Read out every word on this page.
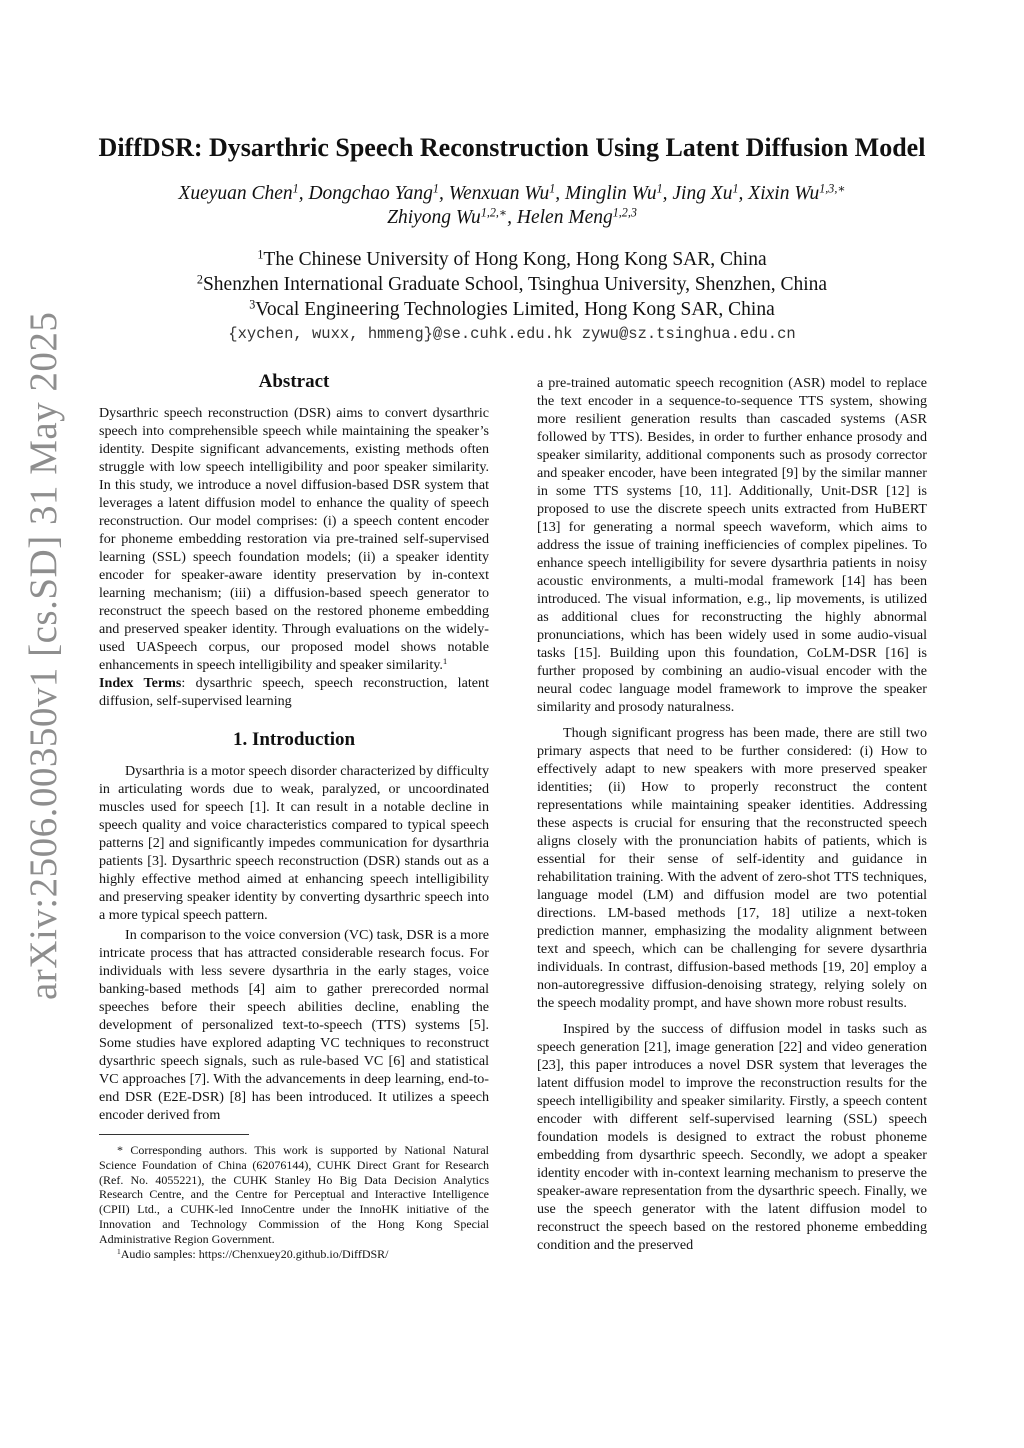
arXiv:2506.00350v1 [cs.SD] 31 May 2025
DiffDSR: Dysarthric Speech Reconstruction Using Latent Diffusion Model
Xueyuan Chen$^1$, Dongchao Yang$^1$, Wenxuan Wu$^1$, Minglin Wu$^1$, Jing Xu$^1$, Xixin $Wu^{1,3,∗}$
Zhiyong $Wu^{1,2,∗}$, Helen Meng$^{1,2,3}$
$^1$The Chinese University of Hong Kong, Hong Kong SAR, China
$^2$Shenzhen International Graduate School, Tsinghua University, Shenzhen, China
$^3$Vocal Engineering Technologies Limited, Hong Kong SAR, China
{xychen, wuxx, hmmeng}@se.cuhk.edu.hk zywu@sz.tsinghua.edu.cn
Abstract

Dysarthric speech reconstruction (DSR) aims to convert dysarthric speech into comprehensible speech while maintaining the speaker’s identity. Despite significant advancements, existing methods often struggle with low speech intelligibility and poor speaker similarity. In this study, we introduce a novel diffusion-based DSR system that leverages a latent diffusion model to enhance the quality of speech reconstruction. Our model comprises: (i) a speech content encoder for phoneme embedding restoration via pre-trained self-supervised learning (SSL) speech foundation models; (ii) a speaker identity encoder for speaker-aware identity preservation by in-context learning mechanism; (iii) a diffusion-based speech generator to reconstruct the speech based on the restored phoneme embedding and preserved speaker identity. Through evaluations on the widely-used UASpeech corpus, our proposed model shows notable enhancements in speech intelligibility and speaker similarity.$^1$

Index Terms: dysarthric speech, speech reconstruction, latent diffusion, self-supervised learning

1. Introduction

Dysarthria is a motor speech disorder characterized by difficulty in articulating words due to weak, paralyzed, or uncoordinated muscles used for speech [1]. It can result in a notable decline in speech quality and voice characteristics compared to typical speech patterns [2] and significantly impedes communication for dysarthria patients [3]. Dysarthric speech reconstruction (DSR) stands out as a highly effective method aimed at enhancing speech intelligibility and preserving speaker identity by converting dysarthric speech into a more typical speech pattern.

In comparison to the voice conversion (VC) task, DSR is a more intricate process that has attracted considerable research focus. For individuals with less severe dysarthria in the early stages, voice banking-based methods [4] aim to gather prerecorded normal speeches before their speech abilities decline, enabling the development of personalized text-to-speech (TTS) systems [5]. Some studies have explored adapting VC techniques to reconstruct dysarthric speech signals, such as rule-based VC [6] and statistical VC approaches [7]. With the advancements in deep learning, end-to-end DSR (E2E-DSR) [8] has been introduced. It utilizes a speech encoder derived from

* Corresponding authors. This work is supported by National Natural Science Foundation of China (62076144), CUHK Direct Grant for Research (Ref. No. 4055221), the CUHK Stanley Ho Big Data Decision Analytics Research Centre, and the Centre for Perceptual and Interactive Intelligence (CPII) Ltd., a CUHK-led InnoCentre under the InnoHK initiative of the Innovation and Technology Commission of the Hong Kong Special Administrative Region Government.

$^1$Audio samples: https://Chenxuey20.github.io/DiffDSR/

a pre-trained automatic speech recognition (ASR) model to replace the text encoder in a sequence-to-sequence TTS system, showing more resilient generation results than cascaded systems (ASR followed by TTS). Besides, in order to further enhance prosody and speaker similarity, additional components such as prosody corrector and speaker encoder, have been integrated [9] by the similar manner in some TTS systems [10, 11]. Additionally, Unit-DSR [12] is proposed to use the discrete speech units extracted from HuBERT [13] for generating a normal speech waveform, which aims to address the issue of training inefficiencies of complex pipelines. To enhance speech intelligibility for severe dysarthria patients in noisy acoustic environments, a multi-modal framework [14] has been introduced. The visual information, e.g., lip movements, is utilized as additional clues for reconstructing the highly abnormal pronunciations, which has been widely used in some audio-visual tasks [15]. Building upon this foundation, CoLM-DSR [16] is further proposed by combining an audio-visual encoder with the neural codec language model framework to improve the speaker similarity and prosody naturalness.

Though significant progress has been made, there are still two primary aspects that need to be further considered: (i) How to effectively adapt to new speakers with more preserved speaker identities; (ii) How to properly reconstruct the content representations while maintaining speaker identities. Addressing these aspects is crucial for ensuring that the reconstructed speech aligns closely with the pronunciation habits of patients, which is essential for their sense of self-identity and guidance in rehabilitation training. With the advent of zero-shot TTS techniques, language model (LM) and diffusion model are two potential directions. LM-based methods [17, 18] utilize a next-token prediction manner, emphasizing the modality alignment between text and speech, which can be challenging for severe dysarthria individuals. In contrast, diffusion-based methods [19, 20] employ a non-autoregressive diffusion-denoising strategy, relying solely on the speech modality prompt, and have shown more robust results.

Inspired by the success of diffusion model in tasks such as speech generation [21], image generation [22] and video generation [23], this paper introduces a novel DSR system that leverages the latent diffusion model to improve the reconstruction results for the speech intelligibility and speaker similarity. Firstly, a speech content encoder with different self-supervised learning (SSL) speech foundation models is designed to extract the robust phoneme embedding from dysarthric speech. Secondly, we adopt a speaker identity encoder with in-context learning mechanism to preserve the speaker-aware representation from the dysarthric speech. Finally, we use the speech generator with the latent diffusion model to reconstruct the speech based on the restored phoneme embedding condition and the preserved
